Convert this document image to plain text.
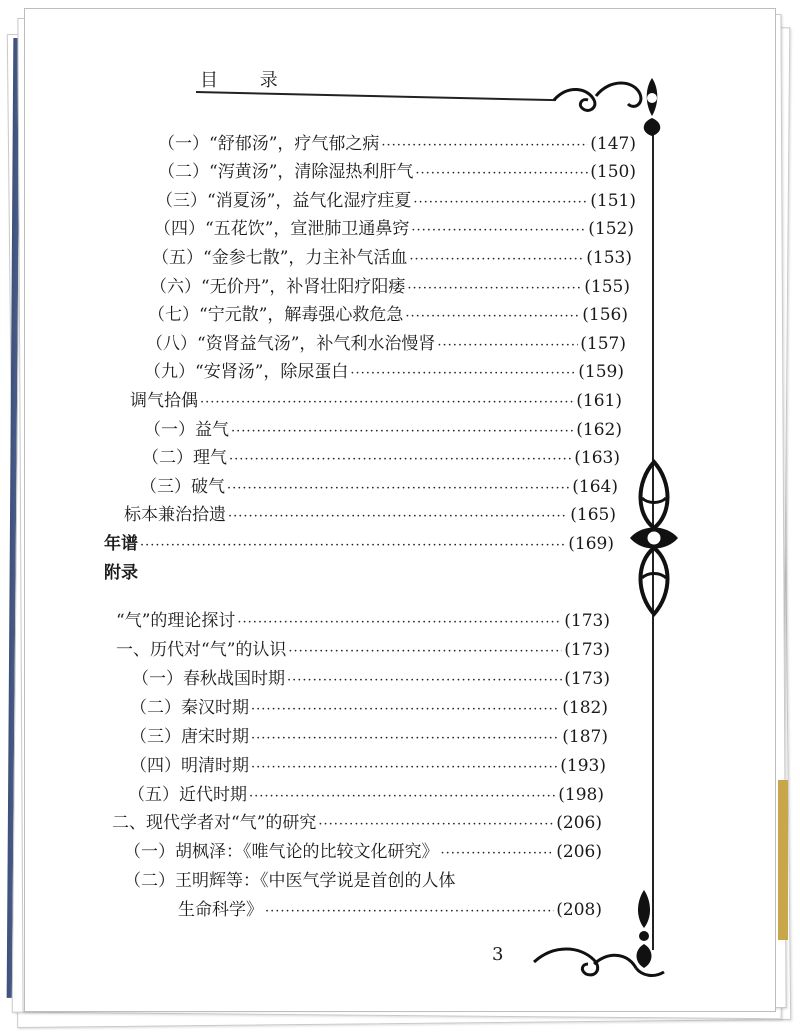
目 录
（一）“舒郁汤”，疗气郁之病 ·····	(147)
（二）“泻黄汤”，清除湿热利肝气 ·····	(150)
（三）“消夏汤”，益气化湿疗疰夏 ·····	(151)
（四）“五花饮”，宣泄肺卫通鼻窍 ·····	(152)
（五）“金参七散”，力主补气活血 ·····	(153)
（六）“无价丹”，补肾壮阳疗阳痿 ·····	(155)
（七）“宁元散”，解毒强心救危急 ·····	(156)
（八）“资肾益气汤”，补气利水治慢肾 ·····	(157)
（九）“安肾汤”，除尿蛋白 ·····	(159)
调气拾偶 ·····	(161)
（一）益气 ·····	(162)
（二）理气 ·····	(163)
（三）破气 ·····	(164)
标本兼治拾遗 ·····	(165)
年谱 ·····	(169)
附录
“气”的理论探讨 ·····	(173)
一、历代对“气”的认识 ·····	(173)
（一）春秋战国时期 ·····	(173)
（二）秦汉时期 ·····	(182)
（三）唐宋时期 ·····	(187)
（四）明清时期 ·····	(193)
（五）近代时期 ·····	(198)
二、现代学者对“气”的研究 ·····	(206)
（一）胡枫泽：《唯气论的比较文化研究》 ·····	(206)
（二）王明辉等：《中医气学说是首创的人体
生命科学》 ·····	(208)
3
